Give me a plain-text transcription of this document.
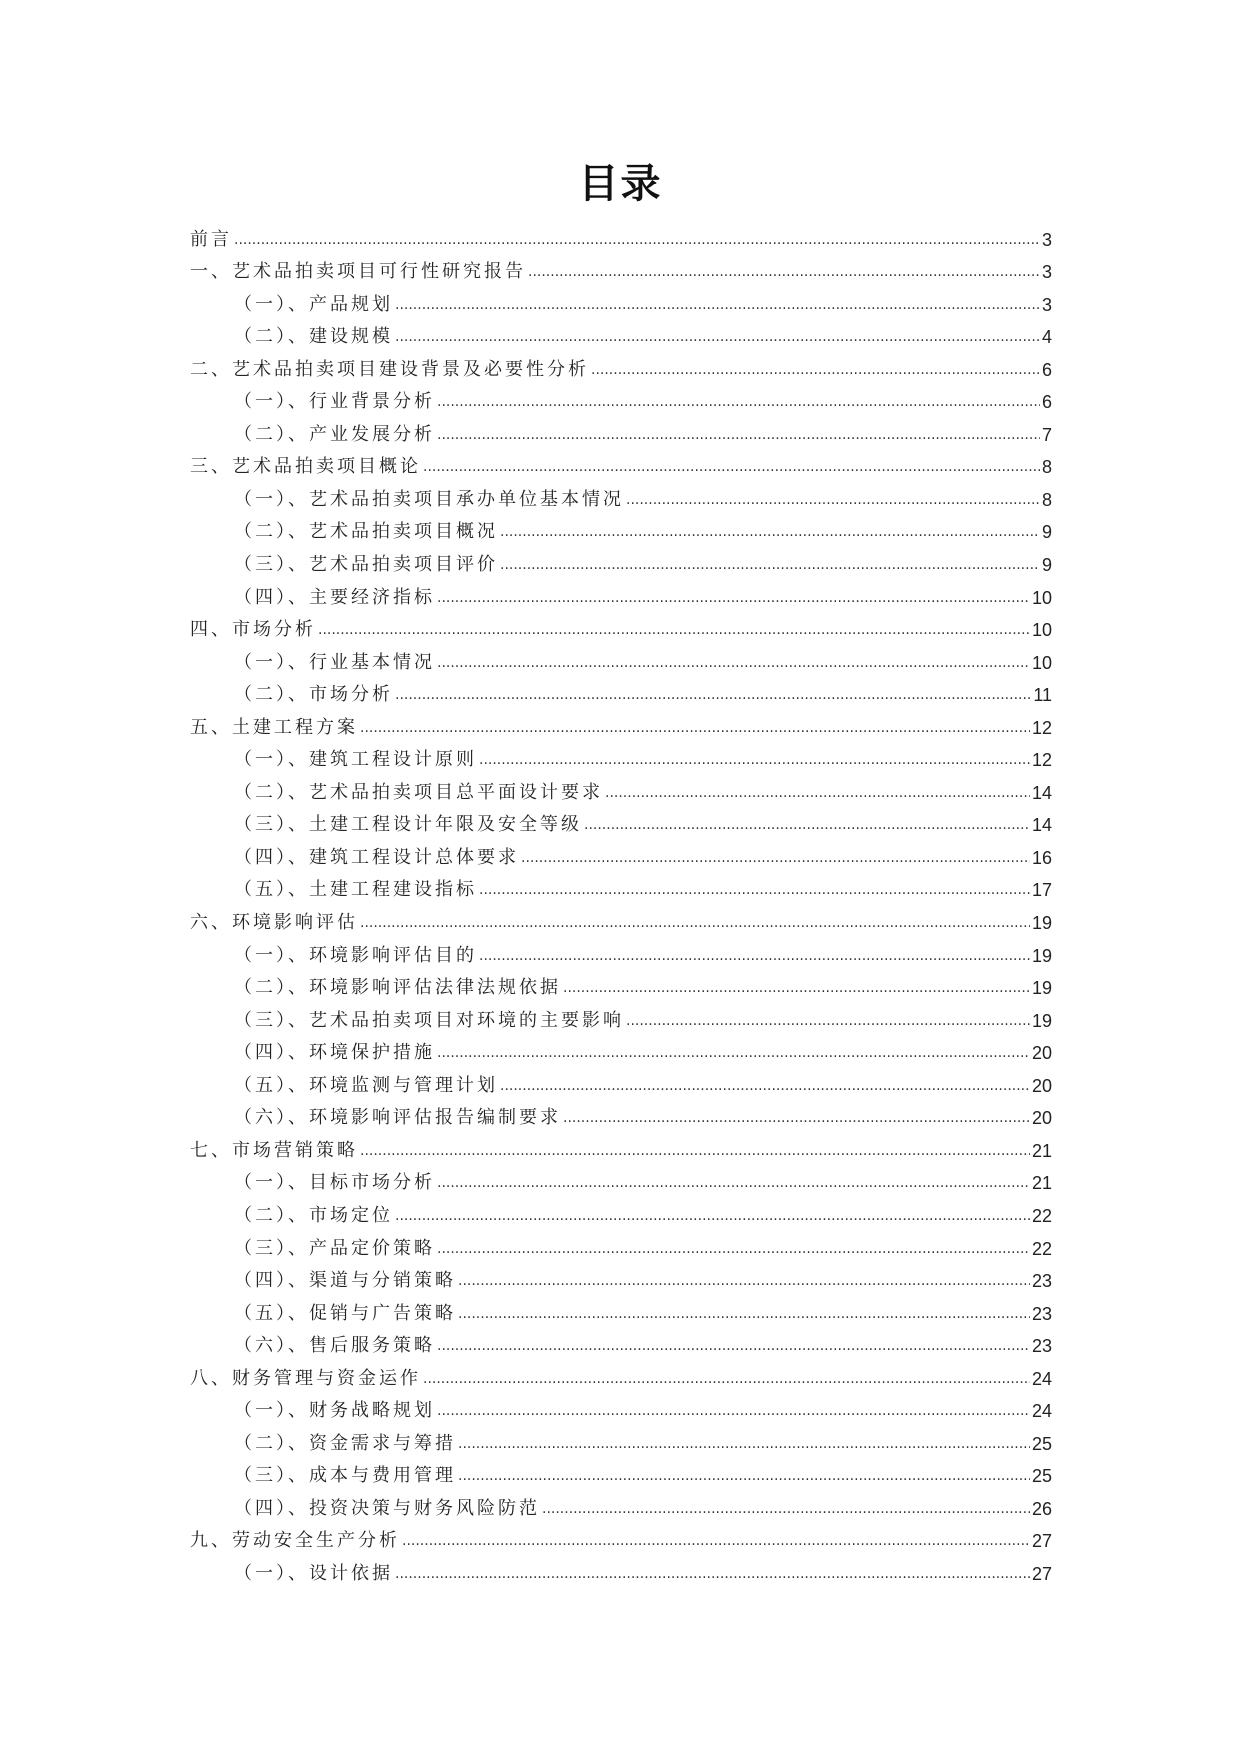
目录
前言 .....	3
一、艺术品拍卖项目可行性研究报告 .....	3
（一）、产品规划 .....	3
（二）、建设规模 .....	4
二、艺术品拍卖项目建设背景及必要性分析 .....	6
（一）、行业背景分析 .....	6
（二）、产业发展分析 .....	7
三、艺术品拍卖项目概论 .....	8
（一）、艺术品拍卖项目承办单位基本情况 .....	8
（二）、艺术品拍卖项目概况 .....	9
（三）、艺术品拍卖项目评价 .....	9
（四）、主要经济指标 .....	10
四、市场分析 .....	10
（一）、行业基本情况 .....	10
（二）、市场分析 .....	11
五、土建工程方案 .....	12
（一）、建筑工程设计原则 .....	12
（二）、艺术品拍卖项目总平面设计要求 .....	14
（三）、土建工程设计年限及安全等级 .....	14
（四）、建筑工程设计总体要求 .....	16
（五）、土建工程建设指标 .....	17
六、环境影响评估 .....	19
（一）、环境影响评估目的 .....	19
（二）、环境影响评估法律法规依据 .....	19
（三）、艺术品拍卖项目对环境的主要影响 .....	19
（四）、环境保护措施 .....	20
（五）、环境监测与管理计划 .....	20
（六）、环境影响评估报告编制要求 .....	20
七、市场营销策略 .....	21
（一）、目标市场分析 .....	21
（二）、市场定位 .....	22
（三）、产品定价策略 .....	22
（四）、渠道与分销策略 .....	23
（五）、促销与广告策略 .....	23
（六）、售后服务策略 .....	23
八、财务管理与资金运作 .....	24
（一）、财务战略规划 .....	24
（二）、资金需求与筹措 .....	25
（三）、成本与费用管理 .....	25
（四）、投资决策与财务风险防范 .....	26
九、劳动安全生产分析 .....	27
（一）、设计依据 .....	27
